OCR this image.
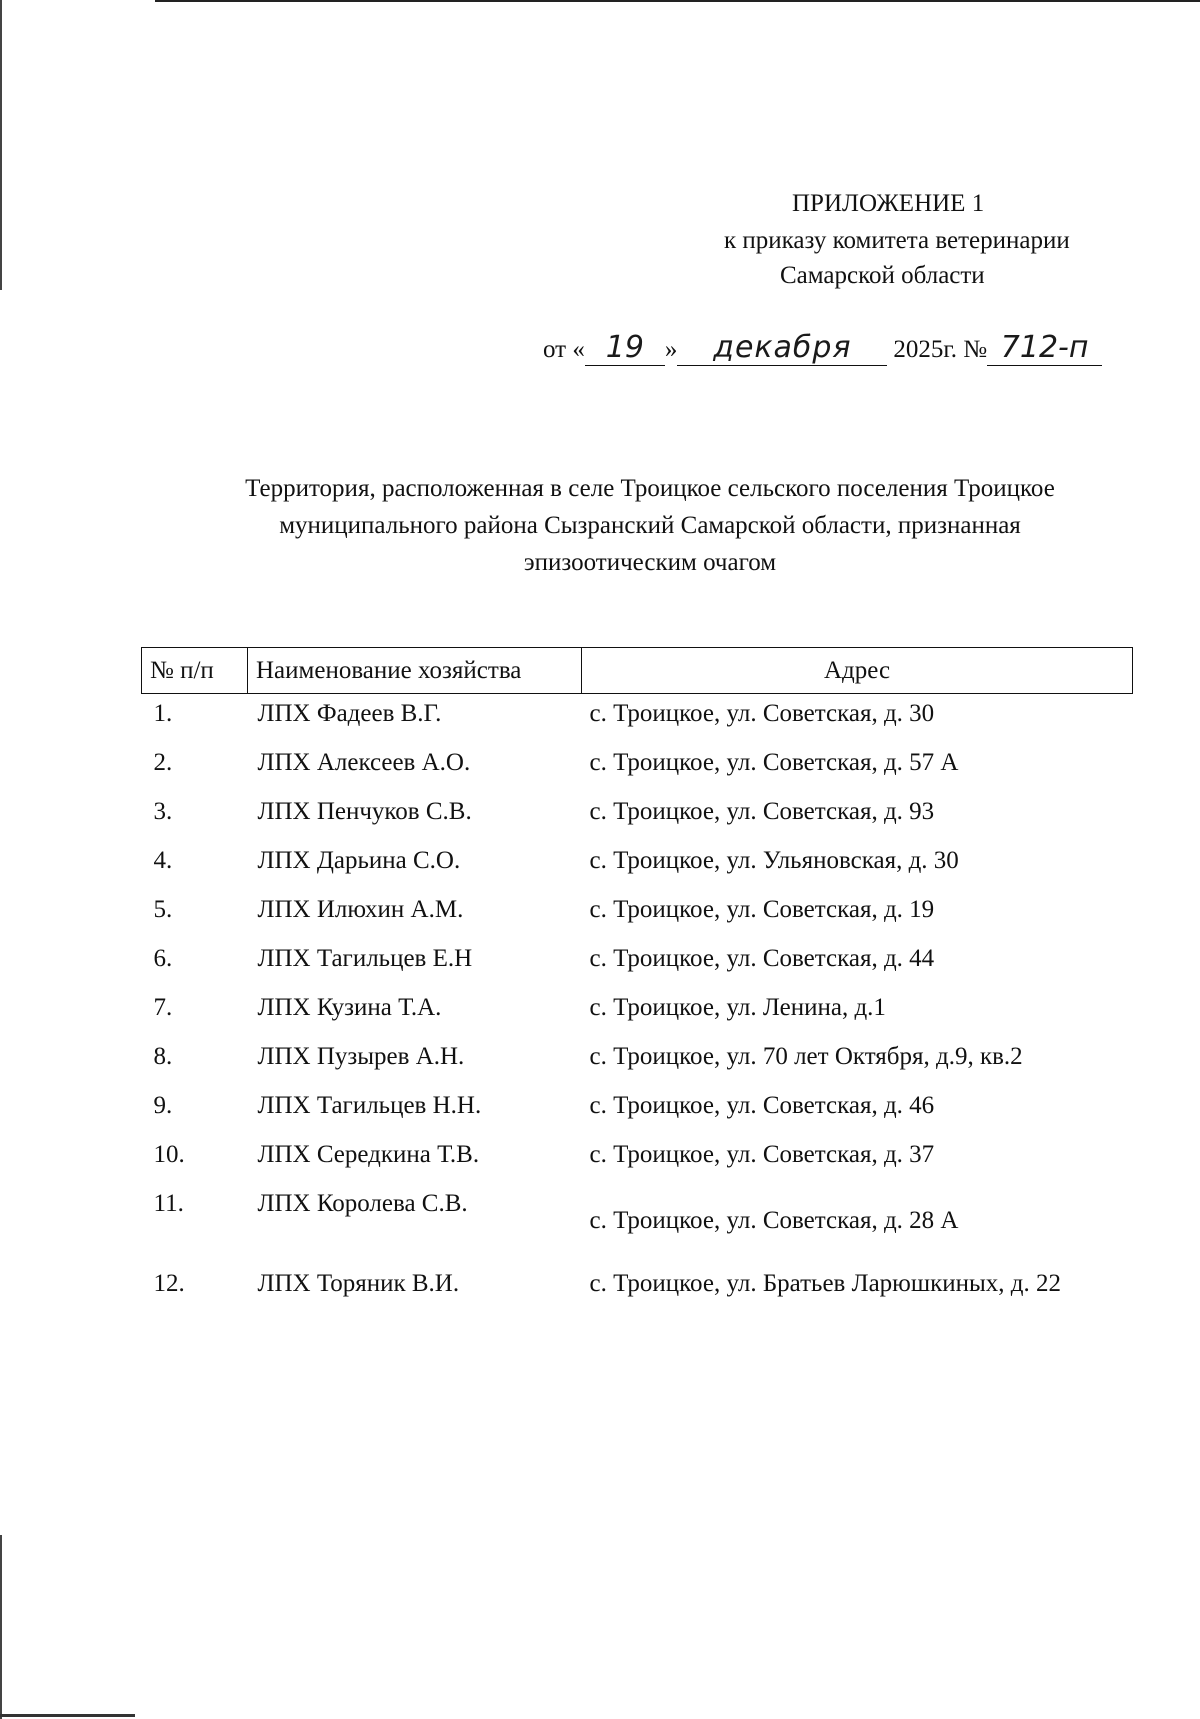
ПРИЛОЖЕНИЕ 1
к приказу комитета ветеринарии
Самарской области
от « 19 »	декабря	2025г. № 712-п
Территория, расположенная в селе Троицкое сельского поселения Троицкое
муниципального района Сызранский Самарской области, признанная
эпизоотическим очагом
№ п/п	Наименование хозяйства	Адрес
1.	ЛПХ Фадеев В.Г.	с. Троицкое, ул. Советская, д. 30
2.	ЛПХ Алексеев А.О.	с. Троицкое, ул. Советская, д. 57 А
3.	ЛПХ Пенчуков С.В.	с. Троицкое, ул. Советская, д. 93
4.	ЛПХ Дарьина С.О.	с. Троицкое, ул. Ульяновская, д. 30
5.	ЛПХ Илюхин А.М.	с. Троицкое, ул. Советская, д. 19
6.	ЛПХ Тагильцев Е.Н	с. Троицкое, ул. Советская, д. 44
7.	ЛПХ Кузина Т.А.	с. Троицкое, ул. Ленина, д.1
8.	ЛПХ Пузырев А.Н.	с. Троицкое, ул. 70 лет Октября, д.9, кв.2
9.	ЛПХ Тагильцев Н.Н.	с. Троицкое, ул. Советская, д. 46
10.	ЛПХ Середкина Т.В.	с. Троицкое, ул. Советская, д. 37
11.	ЛПХ Королева С.В.	с. Троицкое, ул. Советская, д. 28 А
12.	ЛПХ Торяник В.И.	с. Троицкое, ул. Братьев Ларюшкиных, д. 22
